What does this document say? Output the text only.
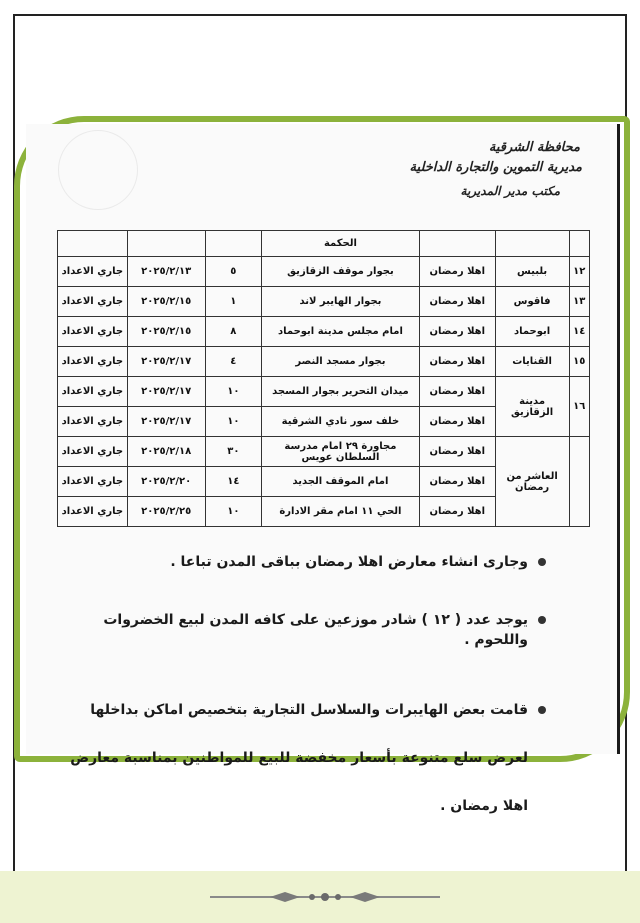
محافظة الشرقية
مديرية التموين والتجارة الداخلية
مكتب مدير المديرية
			الحكمة			
١٢	بلبيس	اهلا رمضان	بجوار موقف الزقازيق	٥	٢٠٢٥/٢/١٣	جاري الاعداد
١٣	فاقوس	اهلا رمضان	بجوار الهايبر لاند	١	٢٠٢٥/٢/١٥	جاري الاعداد
١٤	ابوحماد	اهلا رمضان	امام مجلس مدينة ابوحماد	٨	٢٠٢٥/٢/١٥	جاري الاعداد
١٥	القنايات	اهلا رمضان	بجوار مسجد النصر	٤	٢٠٢٥/٢/١٧	جاري الاعداد
١٦	مدينة الزقازيق	اهلا رمضان	ميدان التحرير بجوار المسجد	١٠	٢٠٢٥/٢/١٧	جاري الاعداد
		اهلا رمضان	خلف سور نادي الشرقية	١٠	٢٠٢٥/٢/١٧	جاري الاعداد
	العاشر من رمضان	اهلا رمضان	مجاورة ٢٩ امام مدرسة السلطان عويس	٣٠	٢٠٢٥/٢/١٨	جاري الاعداد
		اهلا رمضان	امام الموقف الجديد	١٤	٢٠٢٥/٢/٢٠	جاري الاعداد
		اهلا رمضان	الحي ١١ امام مقر الادارة	١٠	٢٠٢٥/٢/٢٥	جاري الاعداد
وجارى انشاء معارض اهلا رمضان بباقى المدن تباعا .
يوجد عدد ( ١٢ ) شادر موزعين على كافه المدن لبيع الخضروات واللحوم .
قامت بعض الهايبرات والسلاسل التجارية بتخصيص اماكن بداخلها لعرض سلع متنوعة بأسعار مخفضة للبيع للمواطنين بمناسبة معارض اهلا رمضان .
